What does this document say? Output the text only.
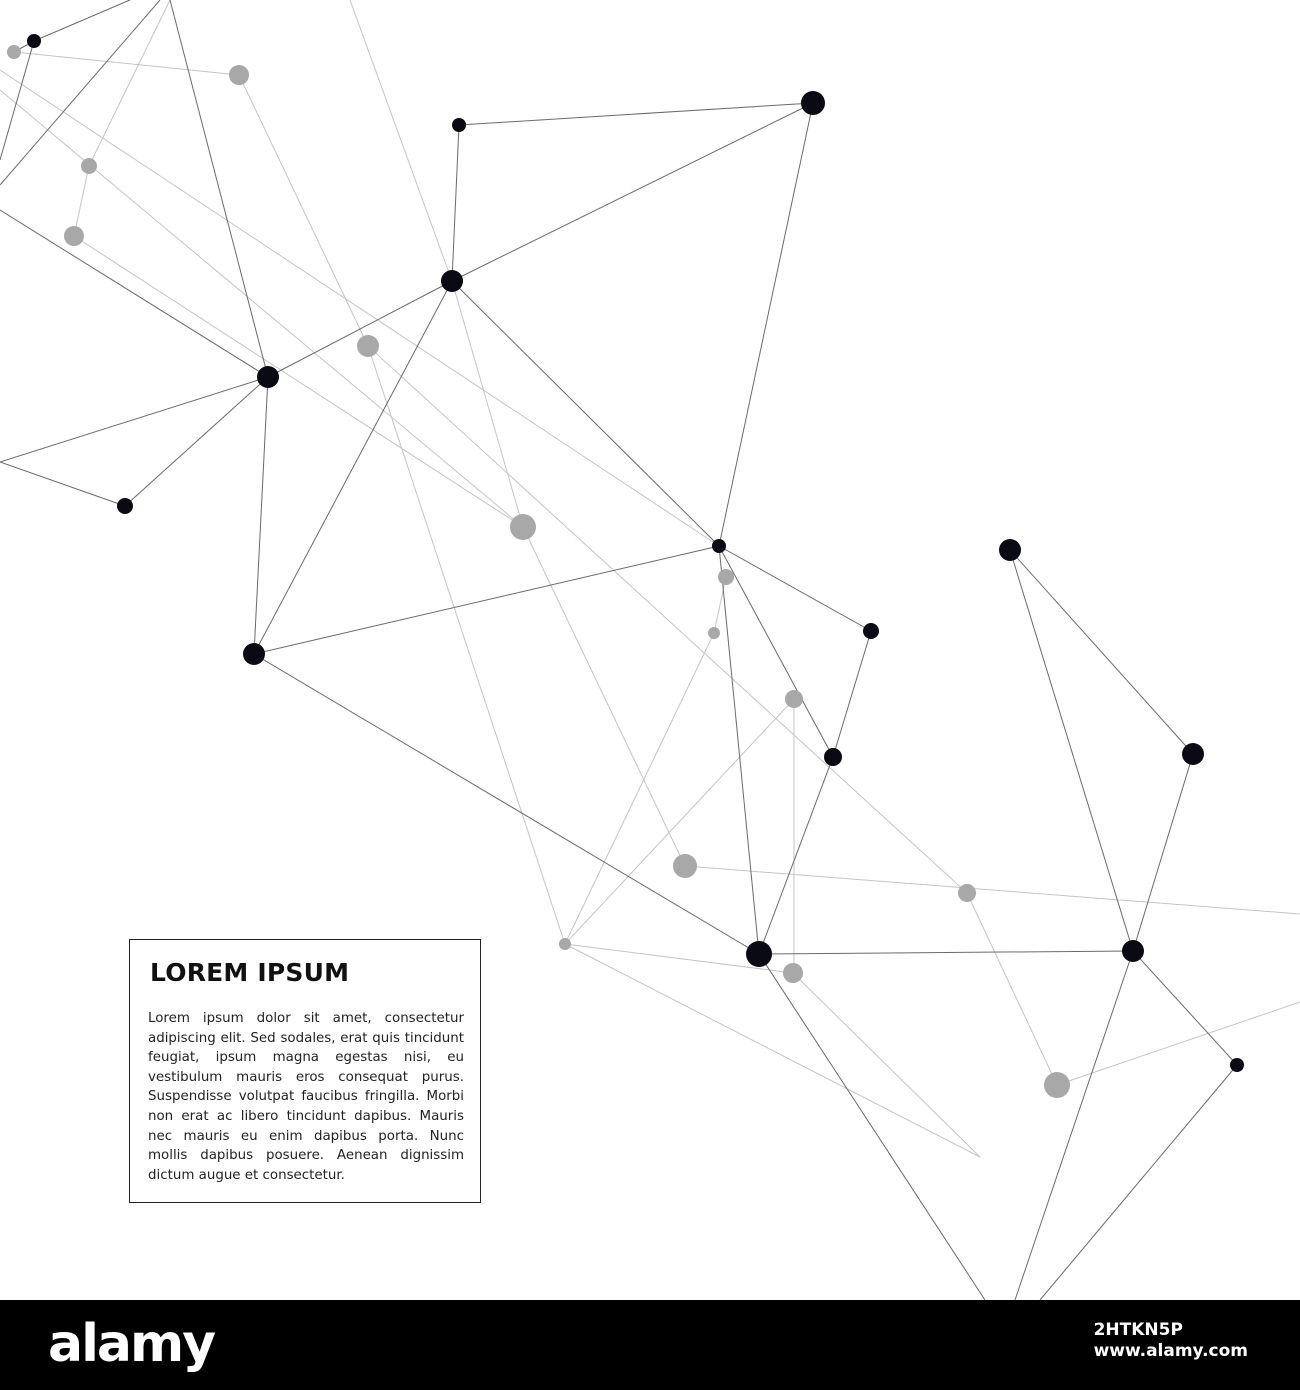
LOREM IPSUM

Lorem ipsum dolor sit amet, consectetur adipiscing elit. Sed sodales, erat quis tincidunt feugiat, ipsum magna egestas nisi, eu vestibulum mauris eros consequat purus. Suspendisse volutpat faucibus fringilla. Morbi non erat ac libero tincidunt dapibus. Mauris nec mauris eu enim dapibus porta. Nunc mollis dapibus posuere. Aenean dignissim dictum augue et consectetur.

alamy	2HTKN5P
www.alamy.com
